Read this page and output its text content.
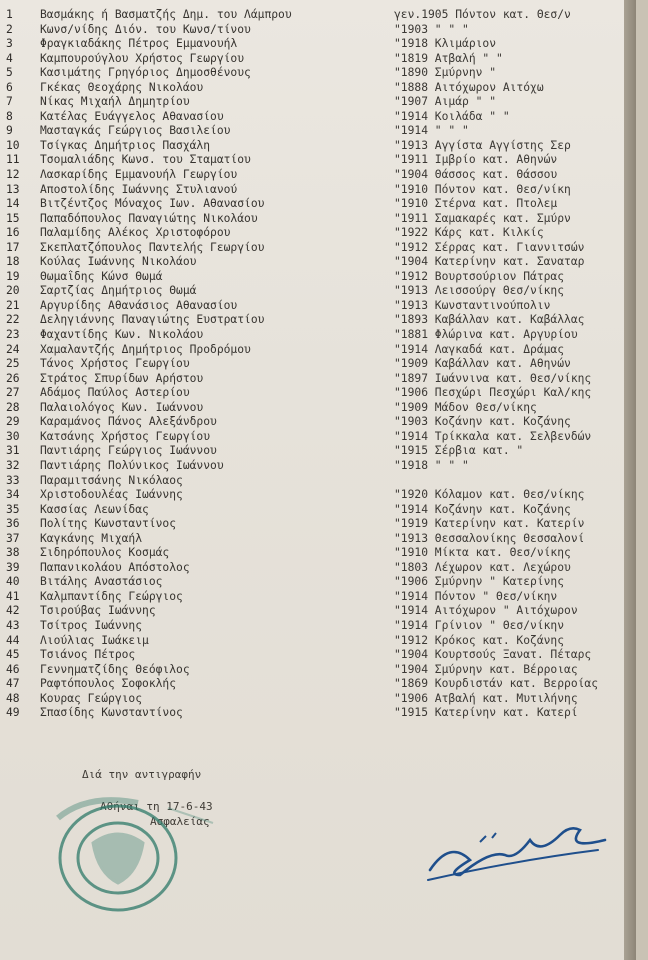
1	Βασμάκης ή Βασματζής Δημ. του Λάμπρου	γεν.1905 Πόντον κατ. Θεσ/ν
2	Κωνσ/νίδης Διόν. του Κωνσ/τίνου	"1903 " " "
3	Φραγκιαδάκης Πέτρος Εμμανουήλ	"1918 Κλιμάριον
4	Καμπουρούγλου Χρήστος Γεωργίου	"1819 Ατβαλή " "
5	Κασιμάτης Γρηγόριος Δημοσθένους	"1890 Σμύρνην "
6	Γκέκας Θεοχάρης Νικολάου	"1888 Αιτόχωρον Αιτόχω
7	Νίκας Μιχαήλ Δημητρίου	"1907 Αιμάρ " "
8	Κατέλας Ευάγγελος Αθανασίου	"1914 Κοιλάδα " "
9	Μασταγκάς Γεώργιος Βασιλείου	"1914 " " "
10	Τσίγκας Δημήτριος Πασχάλη	"1913 Αγγίστα Αγγίστης Σερ
11	Τσομαλιάδης Κωνσ. του Σταματίου	"1911 Ιμβρίο κατ. Αθηνών
12	Λασκαρίδης Εμμανουήλ Γεωργίου	"1904 Θάσσος κατ. Θάσσου
13	Αποστολίδης Ιωάννης Στυλιανού	"1910 Πόντον κατ. Θεσ/νίκη
14	Βιτζέντζος Μόναχος Ιων. Αθανασίου	"1910 Στέρνα κατ. Πτολεμ
15	Παπαδόπουλος Παναγιώτης Νικολάου	"1911 Σαμακαρές κατ. Σμύρν
16	Παλαμίδης Αλέκος Χριστοφόρου	"1922 Κάρς κατ. Κιλκίς
17	Σκεπλατζόπουλος Παντελής Γεωργίου	"1912 Σέρρας κατ. Γιαννιτσών
18	Κούλας Ιωάννης Νικολάου	"1904 Κατερίνην κατ. Σαναταρ
19	Θωμαΐδης Κώνσ Θωμά	"1912 Βουρτσούριον Πάτρας
20	Σαρτζίας Δημήτριος Θωμά	"1913 Λεισσούργ Θεσ/νίκης
21	Αργυρίδης Αθανάσιος Αθανασίου	"1913 Κωνσταντινούπολιν
22	Δεληγιάννης Παναγιώτης Ευστρατίου	"1893 Καβάλλαν κατ. Καβάλλας
23	Φαχαντίδης Κων. Νικολάου	"1881 Φλώρινα κατ. Αργυρίου
24	Χαμαλαντζής Δημήτριος Προδρόμου	"1914 Λαγκαδά κατ. Δράμας
25	Τάνος Χρήστος Γεωργίου	"1909 Καβάλλαν κατ. Αθηνών
26	Στράτος Σπυρίδων Αρήστου	"1897 Ιωάννινα κατ. Θεσ/νίκης
27	Αδάμος Παύλος Αστερίου	"1906 Πεσχώρι Πεσχώρι Καλ/κης
28	Παλαιολόγος Κων. Ιωάννου	"1909 Μάδον Θεσ/νίκης
29	Καραμάνος Πάνος Αλεξάνδρου	"1903 Κοζάνην κατ. Κοζάνης
30	Κατσάνης Χρήστος Γεωργίου	"1914 Τρίκκαλα κατ. Σελβενδών
31	Παντιάρης Γεώργιος Ιωάννου	"1915 Σέρβια κατ. "
32	Παντιάρης Πολύνικος Ιωάννου	"1918 " " "
33	Παραμιτσάνης Νικόλαος
34	Χριστοδουλέας Ιωάννης	"1920 Κόλαμον κατ. Θεσ/νίκης
35	Κασσίας Λεωνίδας	"1914 Κοζάνην κατ. Κοζάνης
36	Πολίτης Κωνσταντίνος	"1919 Κατερίνην κατ. Κατερίν
37	Καγκάνης Μιχαήλ	"1913 Θεσσαλονίκης Θεσσαλονί
38	Σιδηρόπουλος Κοσμάς	"1910 Μίκτα κατ. Θεσ/νίκης
39	Παπανικολάου Απόστολος	"1803 Λέχωρον κατ. Λεχώρου
40	Βιτάλης Αναστάσιος	"1906 Σμύρνην " Κατερίνης
41	Καλμπαντίδης Γεώργιος	"1914 Πόντον " Θεσ/νίκην
42	Τσιρούβας Ιωάννης	"1914 Αιτόχωρον " Αιτόχωρον
43	Τσίτρος Ιωάννης	"1914 Γρίνιον " Θεσ/νίκην
44	Λιούλιας Ιωάκειμ	"1912 Κρόκος κατ. Κοζάνης
45	Τσιάνος Πέτρος	"1904 Κουρτσούς Ξανατ. Πέταρς
46	Γεννηματζίδης Θεόφιλος	"1904 Σμύρνην κατ. Βέρροιας
47	Ραφτόπουλος Σοφοκλής	"1869 Κουρδιστάν κατ. Βερροίας
48	Κουρας Γεώργιος	"1906 Ατβαλή κατ. Μυτιλήνης
49	Σπασίδης Κωνσταντίνος	"1915 Κατερίνην κατ. Κατερί
Διά την αντιγραφήν
Αθήναι τη 17-6-43
Ασφαλείας
